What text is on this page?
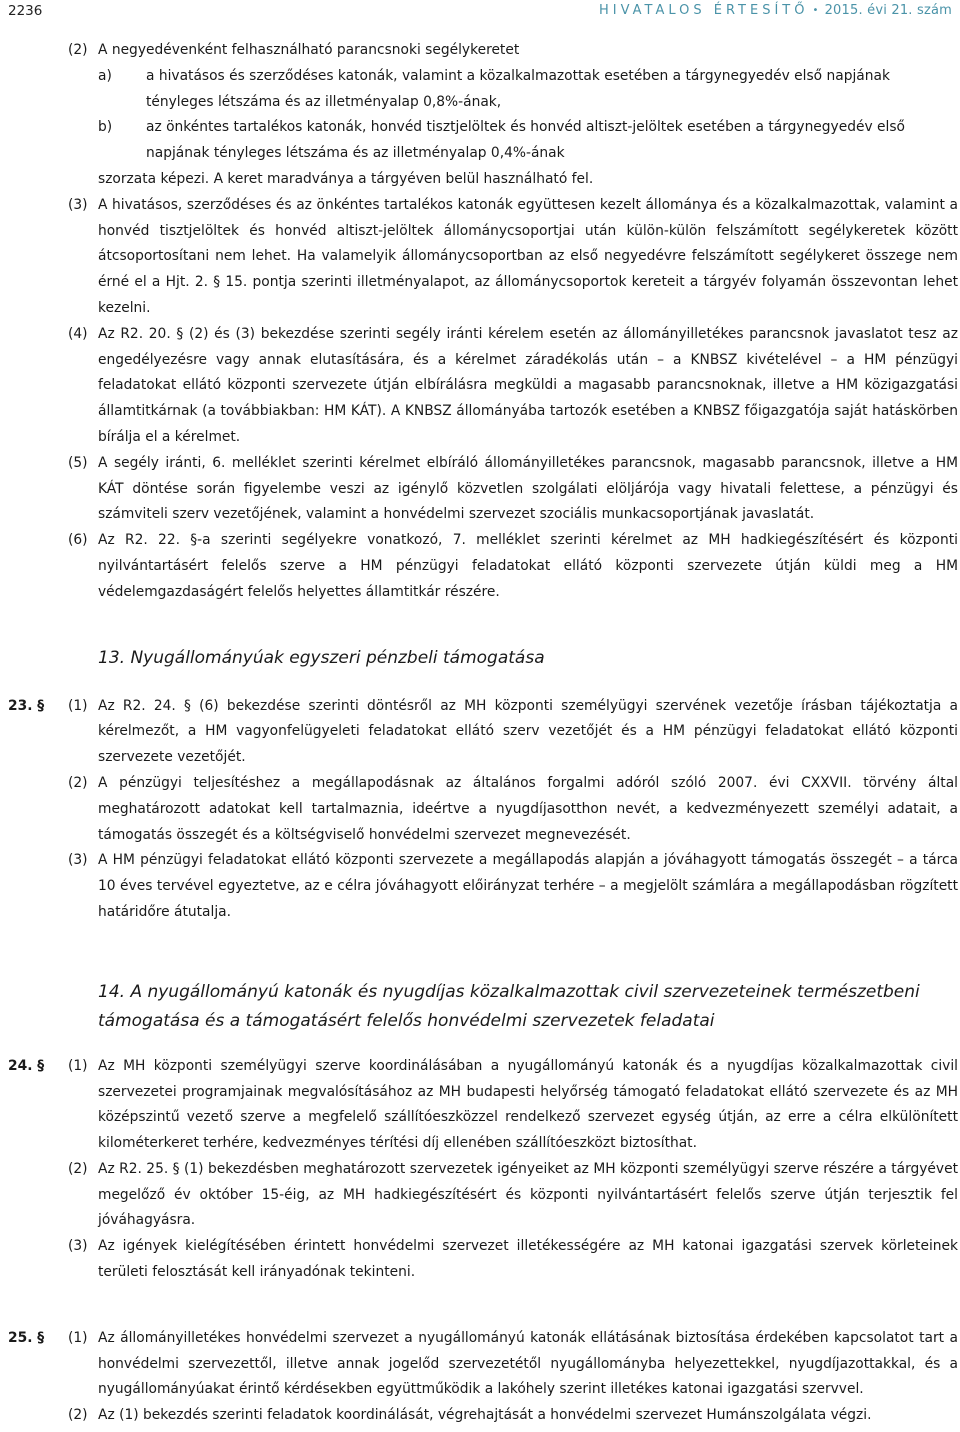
2236	HIVATALOS ÉRTESÍTŐ • 2015. évi 21. szám

(2) A negyedévenként felhasználható parancsnoki segélykeretet

a) a hivatásos és szerződéses katonák, valamint a közalkalmazottak esetében a tárgynegyedév első napjának tényleges létszáma és az illetményalap 0,8%-ának,

b) az önkéntes tartalékos katonák, honvéd tisztjelöltek és honvéd altiszt-jelöltek esetében a tárgynegyedév első napjának tényleges létszáma és az illetményalap 0,4%-ának

szorzata képezi. A keret maradványa a tárgyéven belül használható fel.

(3) A hivatásos, szerződéses és az önkéntes tartalékos katonák együttesen kezelt állománya és a közalkalmazottak, valamint a honvéd tisztjelöltek és honvéd altiszt-jelöltek állománycsoportjai után külön-külön felszámított segélykeretek között átcsoportosítani nem lehet. Ha valamelyik állománycsoportban az első negyedévre felszámított segélykeret összege nem érné el a Hjt. 2. § 15. pontja szerinti illetményalapot, az állománycsoportok kereteit a tárgyév folyamán összevontan lehet kezelni.

(4) Az R2. 20. § (2) és (3) bekezdése szerinti segély iránti kérelem esetén az állományilletékes parancsnok javaslatot tesz az engedélyezésre vagy annak elutasítására, és a kérelmet záradékolás után – a KNBSZ kivételével – a HM pénzügyi feladatokat ellátó központi szervezete útján elbírálásra megküldi a magasabb parancsnoknak, illetve a HM közigazgatási államtitkárnak (a továbbiakban: HM KÁT). A KNBSZ állományába tartozók esetében a KNBSZ főigazgatója saját hatáskörben bírálja el a kérelmet.

(5) A segély iránti, 6. melléklet szerinti kérelmet elbíráló állományilletékes parancsnok, magasabb parancsnok, illetve a HM KÁT döntése során figyelembe veszi az igénylő közvetlen szolgálati elöljárója vagy hivatali felettese, a pénzügyi és számviteli szerv vezetőjének, valamint a honvédelmi szervezet szociális munkacsoportjának javaslatát.

(6) Az R2. 22. §-a szerinti segélyekre vonatkozó, 7. melléklet szerinti kérelmet az MH hadkiegészítésért és központi nyilvántartásért felelős szerve a HM pénzügyi feladatokat ellátó központi szervezete útján küldi meg a HM védelemgazdaságért felelős helyettes államtitkár részére.

13. Nyugállományúak egyszeri pénzbeli támogatása

23. § (1) Az R2. 24. § (6) bekezdése szerinti döntésről az MH központi személyügyi szervének vezetője írásban tájékoztatja a kérelmezőt, a HM vagyonfelügyeleti feladatokat ellátó szerv vezetőjét és a HM pénzügyi feladatokat ellátó központi szervezete vezetőjét.

(2) A pénzügyi teljesítéshez a megállapodásnak az általános forgalmi adóról szóló 2007. évi CXXVII. törvény által meghatározott adatokat kell tartalmaznia, ideértve a nyugdíjasotthon nevét, a kedvezményezett személyi adatait, a támogatás összegét és a költségviselő honvédelmi szervezet megnevezését.

(3) A HM pénzügyi feladatokat ellátó központi szervezete a megállapodás alapján a jóváhagyott támogatás összegét – a tárca 10 éves tervével egyeztetve, az e célra jóváhagyott előirányzat terhére – a megjelölt számlára a megállapodásban rögzített határidőre átutalja.

14. A nyugállományú katonák és nyugdíjas közalkalmazottak civil szervezeteinek természetbeni támogatása és a támogatásért felelős honvédelmi szervezetek feladatai

24. § (1) Az MH központi személyügyi szerve koordinálásában a nyugállományú katonák és a nyugdíjas közalkalmazottak civil szervezetei programjainak megvalósításához az MH budapesti helyőrség támogató feladatokat ellátó szervezete és az MH középszintű vezető szerve a megfelelő szállítóeszközzel rendelkező szervezet egység útján, az erre a célra elkülönített kilométerkeret terhére, kedvezményes térítési díj ellenében szállítóeszközt biztosíthat.

(2) Az R2. 25. § (1) bekezdésben meghatározott szervezetek igényeiket az MH központi személyügyi szerve részére a tárgyévet megelőző év október 15-éig, az MH hadkiegészítésért és központi nyilvántartásért felelős szerve útján terjesztik fel jóváhagyásra.

(3) Az igények kielégítésében érintett honvédelmi szervezet illetékességére az MH katonai igazgatási szervek körleteinek területi felosztását kell irányadónak tekinteni.

25. § (1) Az állományilletékes honvédelmi szervezet a nyugállományú katonák ellátásának biztosítása érdekében kapcsolatot tart a honvédelmi szervezettől, illetve annak jogelőd szervezetétől nyugállományba helyezettekkel, nyugdíjazottakkal, és a nyugállományúakat érintő kérdésekben együttműködik a lakóhely szerint illetékes katonai igazgatási szervvel.

(2) Az (1) bekezdés szerinti feladatok koordinálását, végrehajtását a honvédelmi szervezet Humánszolgálata végzi.
